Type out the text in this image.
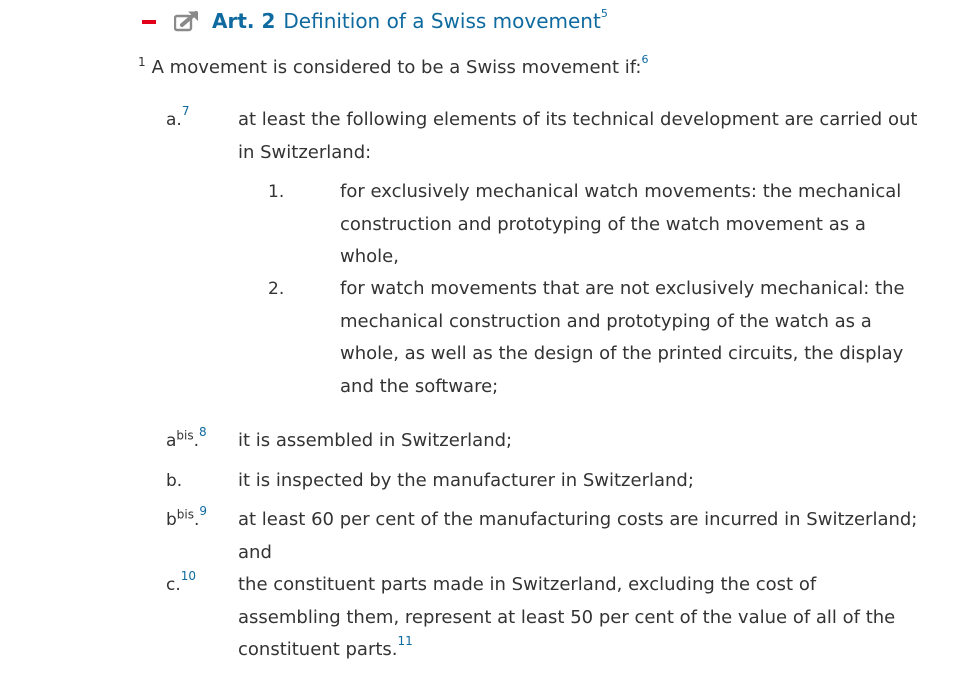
Art. 2 Definition of a Swiss movement$^5$
$^1$ A movement is considered to be a Swiss movement if:$^6$
a.$^7$	at least the following elements of its technical development are carried out in Switzerland:
1.	for exclusively mechanical watch movements: the mechanical construction and prototyping of the watch movement as a whole,
2.	for watch movements that are not exclusively mechanical: the mechanical construction and prototyping of the watch as a whole, as well as the design of the printed circuits, the display and the software;
$a^{bis}.^8$ it is assembled in Switzerland;
b.	it is inspected by the manufacturer in Switzerland;
$b^{bis}.^9$ at least 60 per cent of the manufacturing costs are incurred in Switzerland; and
c.$^{10}$ the constituent parts made in Switzerland, excluding the cost of assembling them, represent at least 50 per cent of the value of all of the constituent parts.$^{11}$
